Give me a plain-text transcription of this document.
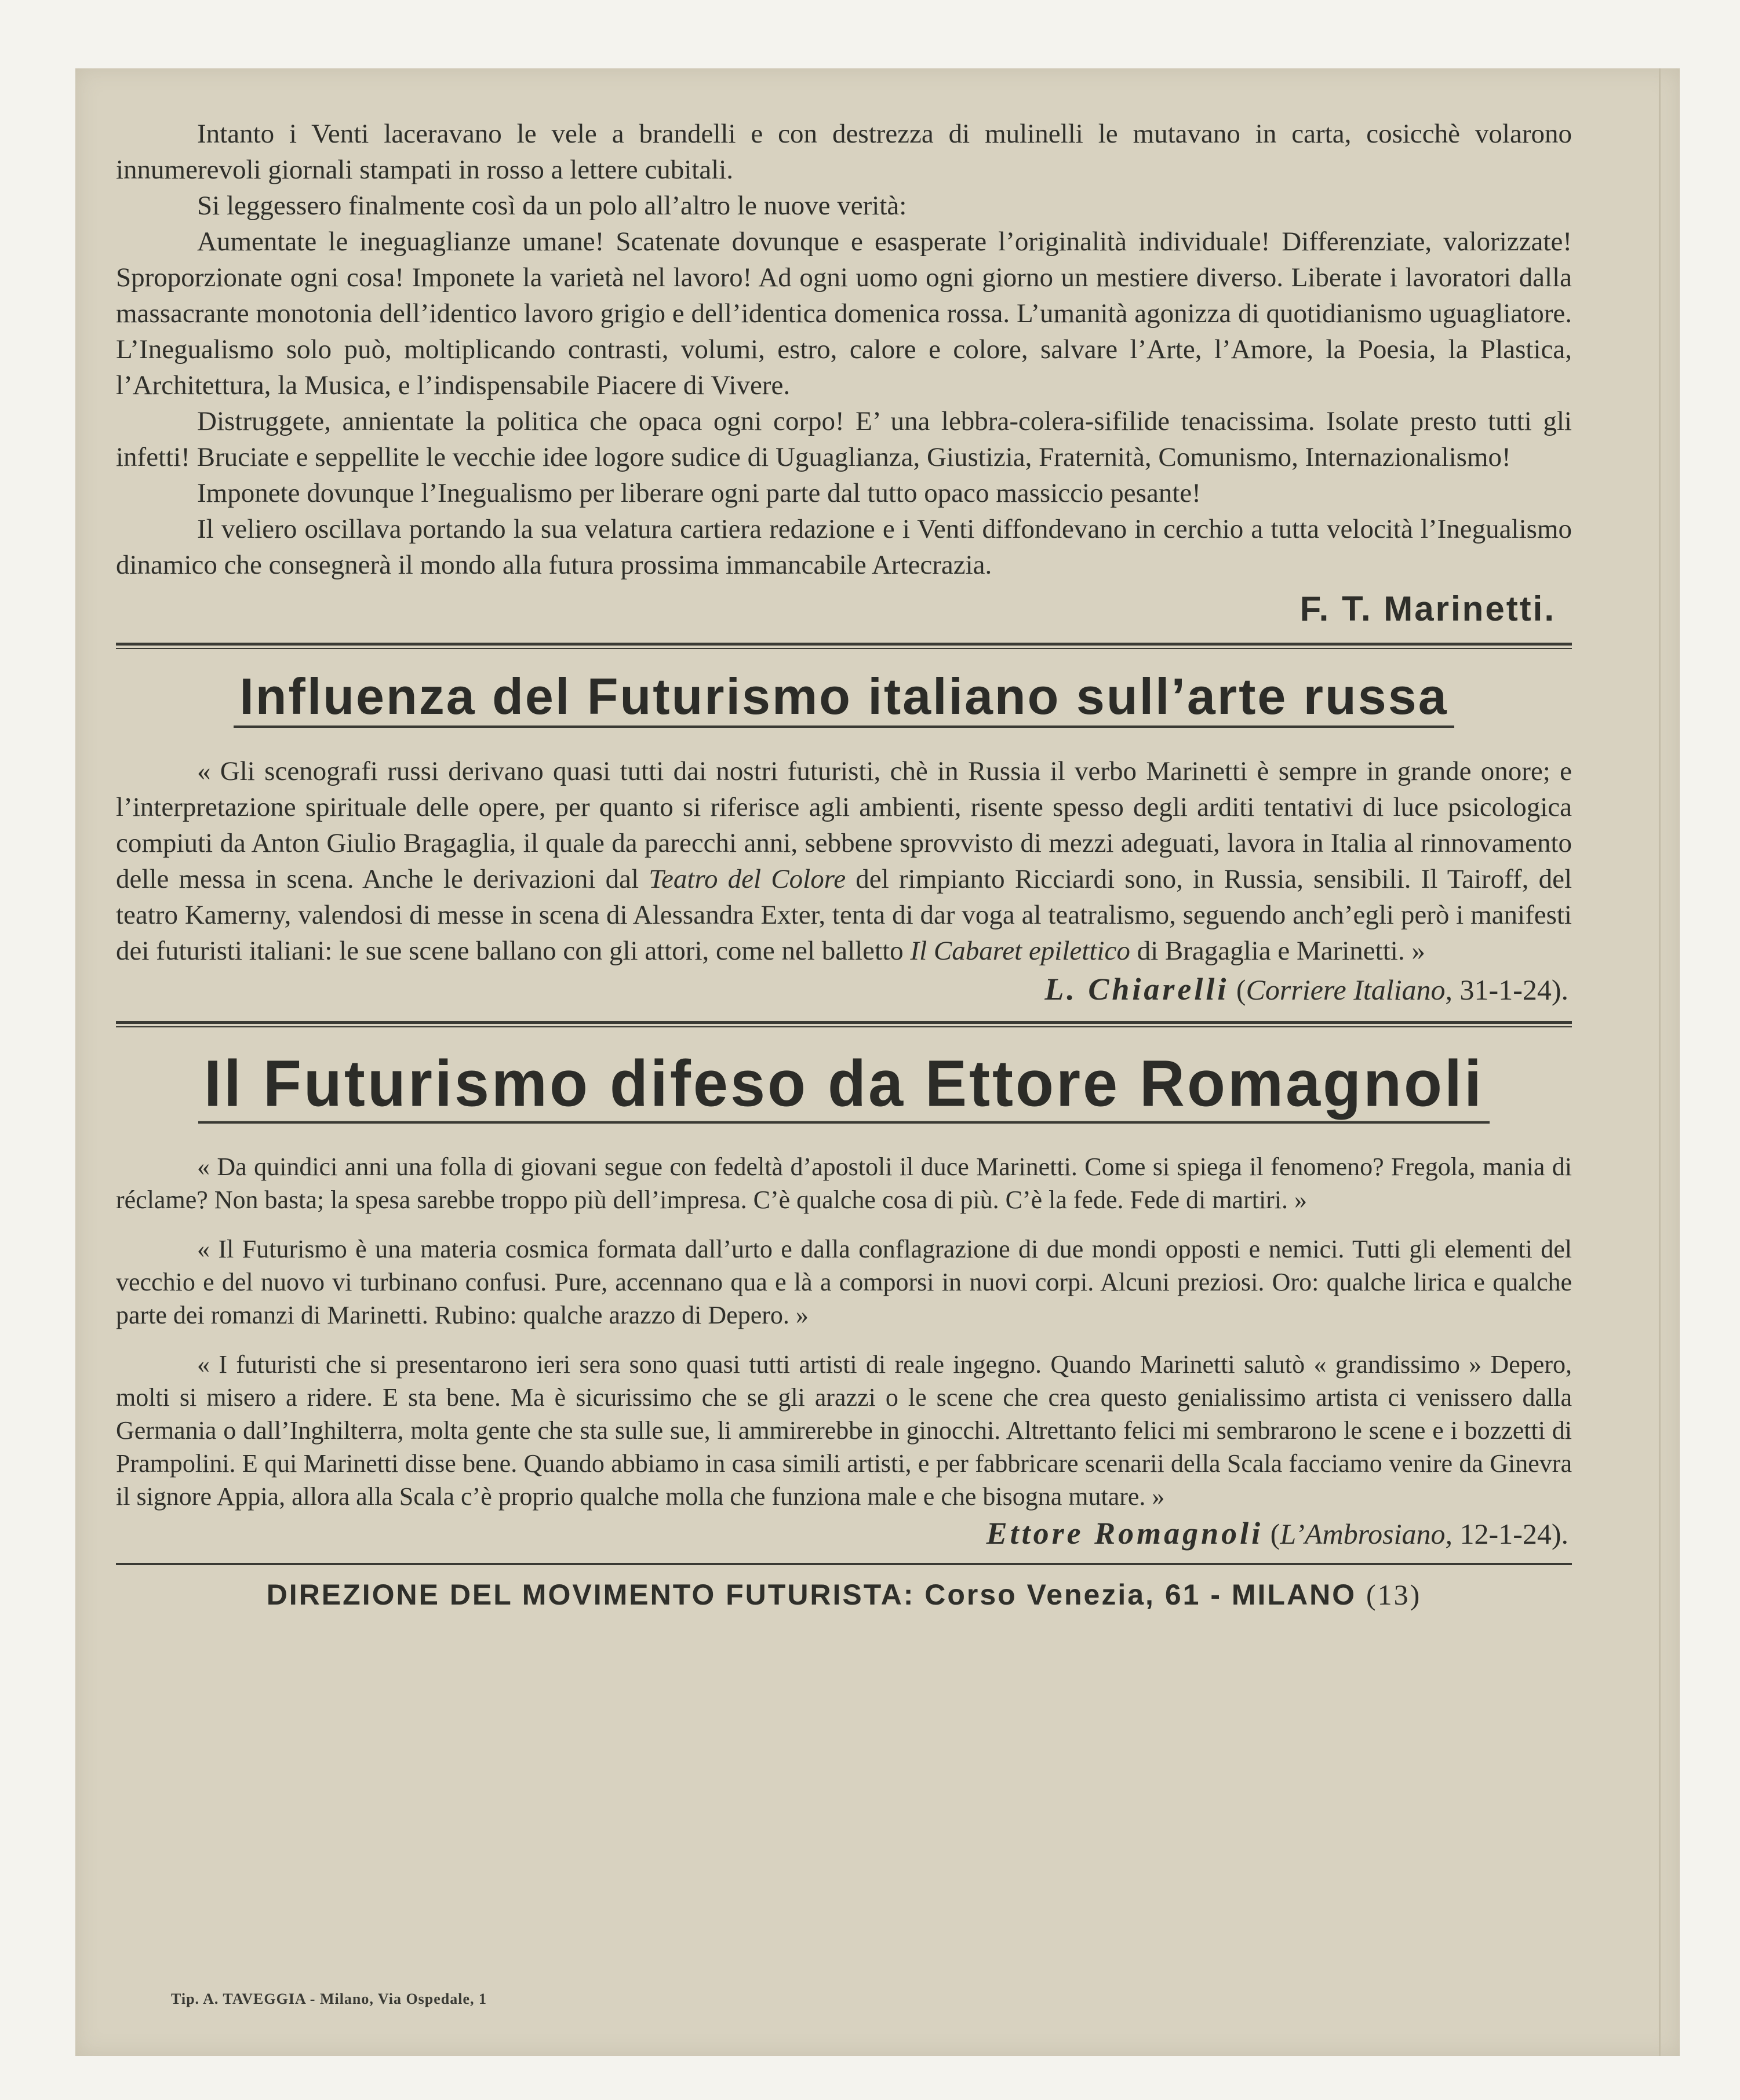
Intanto i Venti laceravano le vele a brandelli e con destrezza di mulinelli le mutavano in carta, cosicchè volarono innumerevoli giornali stampati in rosso a lettere cubitali.

Si leggessero finalmente così da un polo all’altro le nuove verità:

Aumentate le ineguaglianze umane! Scatenate dovunque e esasperate l’originalità individuale! Differenziate, valorizzate! Sproporzionate ogni cosa! Imponete la varietà nel lavoro! Ad ogni uomo ogni giorno un mestiere diverso. Liberate i lavoratori dalla massacrante monotonia dell’identico lavoro grigio e dell’identica domenica rossa. L’umanità agonizza di quotidianismo uguagliatore. L’Inegualismo solo può, moltiplicando contrasti, volumi, estro, calore e colore, salvare l’Arte, l’Amore, la Poesia, la Plastica, l’Architettura, la Musica, e l’indispensabile Piacere di Vivere.

Distruggete, annientate la politica che opaca ogni corpo! E’ una lebbra-colera-sifilide tenacissima. Isolate presto tutti gli infetti! Bruciate e seppellite le vecchie idee logore sudice di Uguaglianza, Giustizia, Fraternità, Comunismo, Internazionalismo!

Imponete dovunque l’Inegualismo per liberare ogni parte dal tutto opaco massiccio pesante!

Il veliero oscillava portando la sua velatura cartiera redazione e i Venti diffondevano in cerchio a tutta velocità l’Inegualismo dinamico che consegnerà il mondo alla futura prossima immancabile Artecrazia.

F. T. Marinetti.
Influenza del Futurismo italiano sull’arte russa

« Gli scenografi russi derivano quasi tutti dai nostri futuristi, chè in Russia il verbo Marinetti è sempre in grande onore; e l’interpretazione spirituale delle opere, per quanto si riferisce agli ambienti, risente spesso degli arditi tentativi di luce psicologica compiuti da Anton Giulio Bragaglia, il quale da parecchi anni, sebbene sprovvisto di mezzi adeguati, lavora in Italia al rinnovamento delle messa in scena. Anche le derivazioni dal Teatro del Colore del rimpianto Ricciardi sono, in Russia, sensibili. Il Tairoff, del teatro Kamerny, valendosi di messe in scena di Alessandra Exter, tenta di dar voga al teatralismo, seguendo anch’egli però i manifesti dei futuristi italiani: le sue scene ballano con gli attori, come nel balletto Il Cabaret epilettico di Bragaglia e Marinetti. »

L. Chiarelli (Corriere Italiano, 31-1-24).
Il Futurismo difeso da Ettore Romagnoli

« Da quindici anni una folla di giovani segue con fedeltà d’apostoli il duce Marinetti. Come si spiega il fenomeno? Fregola, mania di réclame? Non basta; la spesa sarebbe troppo più dell’impresa. C’è qualche cosa di più. C’è la fede. Fede di martiri. »

« Il Futurismo è una materia cosmica formata dall’urto e dalla conflagrazione di due mondi opposti e nemici. Tutti gli elementi del vecchio e del nuovo vi turbinano confusi. Pure, accennano qua e là a comporsi in nuovi corpi. Alcuni preziosi. Oro: qualche lirica e qualche parte dei romanzi di Marinetti. Rubino: qualche arazzo di Depero. »

« I futuristi che si presentarono ieri sera sono quasi tutti artisti di reale ingegno. Quando Marinetti salutò « grandissimo » Depero, molti si misero a ridere. E sta bene. Ma è sicurissimo che se gli arazzi o le scene che crea questo genialissimo artista ci venissero dalla Germania o dall’Inghilterra, molta gente che sta sulle sue, li ammirerebbe in ginocchi. Altrettanto felici mi sembrarono le scene e i bozzetti di Prampolini. E qui Marinetti disse bene. Quando abbiamo in casa simili artisti, e per fabbricare scenarii della Scala facciamo venire da Ginevra il signore Appia, allora alla Scala c’è proprio qualche molla che funziona male e che bisogna mutare. »

Ettore Romagnoli (L’Ambrosiano, 12-1-24).
DIREZIONE DEL MOVIMENTO FUTURISTA: Corso Venezia, 61 - MILANO (13)
Tip. A. TAVEGGIA - Milano, Via Ospedale, 1
